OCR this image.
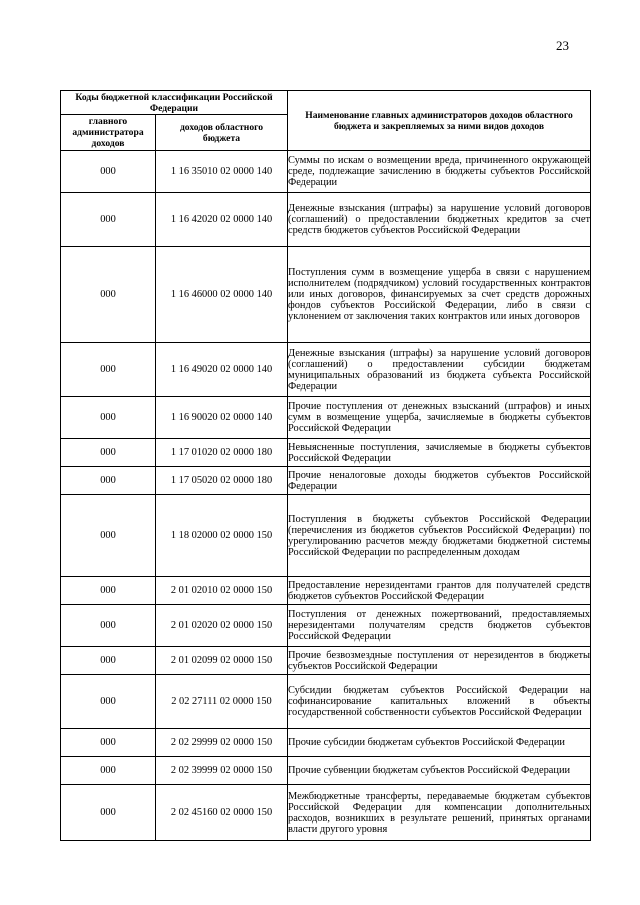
23
Коды бюджетной классификации Российской Федерации		Наименование главных администраторов доходов областного бюджета и закрепляемых за ними видов доходов
главного администратора доходов	доходов областного бюджета	
000	1 16 35010 02 0000 140	Суммы по искам о возмещении вреда, причиненного окружающей среде, подлежащие зачислению в бюджеты субъектов Российской Федерации
000	1 16 42020 02 0000 140	Денежные взыскания (штрафы) за нарушение условий договоров (соглашений) о предоставлении бюджетных кредитов за счет средств бюджетов субъектов Российской Федерации
000	1 16 46000 02 0000 140	Поступления сумм в возмещение ущерба в связи с нарушением исполнителем (подрядчиком) условий государственных контрактов или иных договоров, финансируемых за счет средств дорожных фондов субъектов Российской Федерации, либо в связи с уклонением от заключения таких контрактов или иных договоров
000	1 16 49020 02 0000 140	Денежные взыскания (штрафы) за нарушение условий договоров (соглашений) о предоставлении субсидии бюджетам муниципальных образований из бюджета субъекта Российской Федерации
000	1 16 90020 02 0000 140	Прочие поступления от денежных взысканий (штрафов) и иных сумм в возмещение ущерба, зачисляемые в бюджеты субъектов Российской Федерации
000	1 17 01020 02 0000 180	Невыясненные поступления, зачисляемые в бюджеты субъектов Российской Федерации
000	1 17 05020 02 0000 180	Прочие неналоговые доходы бюджетов субъектов Российской Федерации
000	1 18 02000 02 0000 150	Поступления в бюджеты субъектов Российской Федерации (перечисления из бюджетов субъектов Российской Федерации) по урегулированию расчетов между бюджетами бюджетной системы Российской Федерации по распределенным доходам
000	2 01 02010 02 0000 150	Предоставление нерезидентами грантов для получателей средств бюджетов субъектов Российской Федерации
000	2 01 02020 02 0000 150	Поступления от денежных пожертвований, предоставляемых нерезидентами получателям средств бюджетов субъектов Российской Федерации
000	2 01 02099 02 0000 150	Прочие безвозмездные поступления от нерезидентов в бюджеты субъектов Российской Федерации
000	2 02 27111 02 0000 150	Субсидии бюджетам субъектов Российской Федерации на софинансирование капитальных вложений в объекты государственной собственности субъектов Российской Федерации
000	2 02 29999 02 0000 150	Прочие субсидии бюджетам субъектов Российской Федерации
000	2 02 39999 02 0000 150	Прочие субвенции бюджетам субъектов Российской Федерации
000	2 02 45160 02 0000 150	Межбюджетные трансферты, передаваемые бюджетам субъектов Российской Федерации для компенсации дополнительных расходов, возникших в результате решений, принятых органами власти другого уровня
